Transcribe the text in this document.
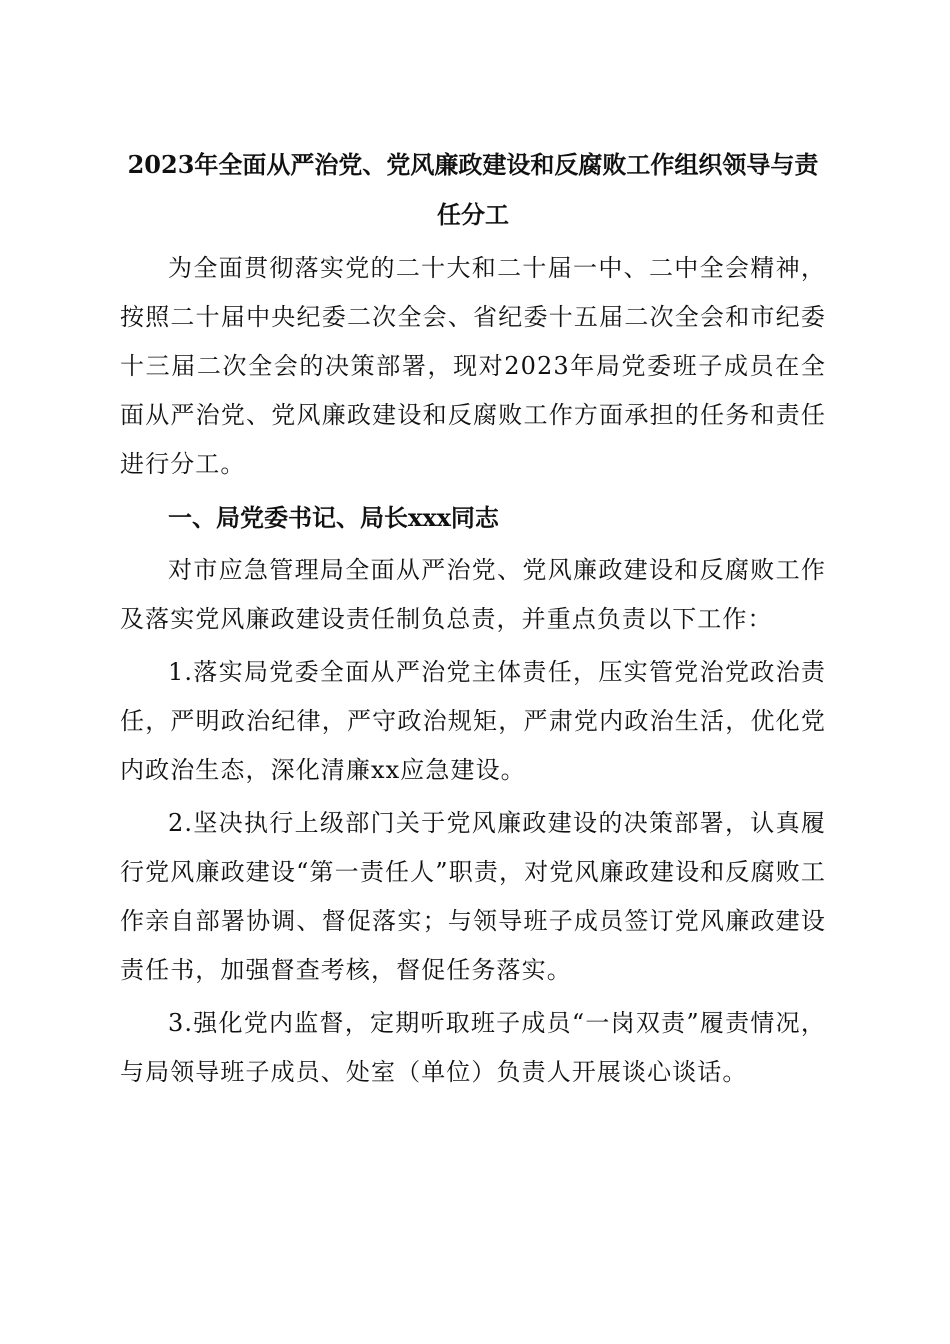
2023年全面从严治党、党风廉政建设和反腐败工作组织领导与责任分工

为全面贯彻落实党的二十大和二十届一中、二中全会精神，按照二十届中央纪委二次全会、省纪委十五届二次全会和市纪委十三届二次全会的决策部署，现对2023年局党委班子成员在全面从严治党、党风廉政建设和反腐败工作方面承担的任务和责任进行分工。

一、局党委书记、局长xxx同志

对市应急管理局全面从严治党、党风廉政建设和反腐败工作及落实党风廉政建设责任制负总责，并重点负责以下工作：

1.落实局党委全面从严治党主体责任，压实管党治党政治责任，严明政治纪律，严守政治规矩，严肃党内政治生活，优化党内政治生态，深化清廉xx应急建设。

2.坚决执行上级部门关于党风廉政建设的决策部署，认真履行党风廉政建设“第一责任人”职责，对党风廉政建设和反腐败工作亲自部署协调、督促落实；与领导班子成员签订党风廉政建设责任书，加强督查考核，督促任务落实。

3.强化党内监督，定期听取班子成员“一岗双责”履责情况，与局领导班子成员、处室（单位）负责人开展谈心谈话。
